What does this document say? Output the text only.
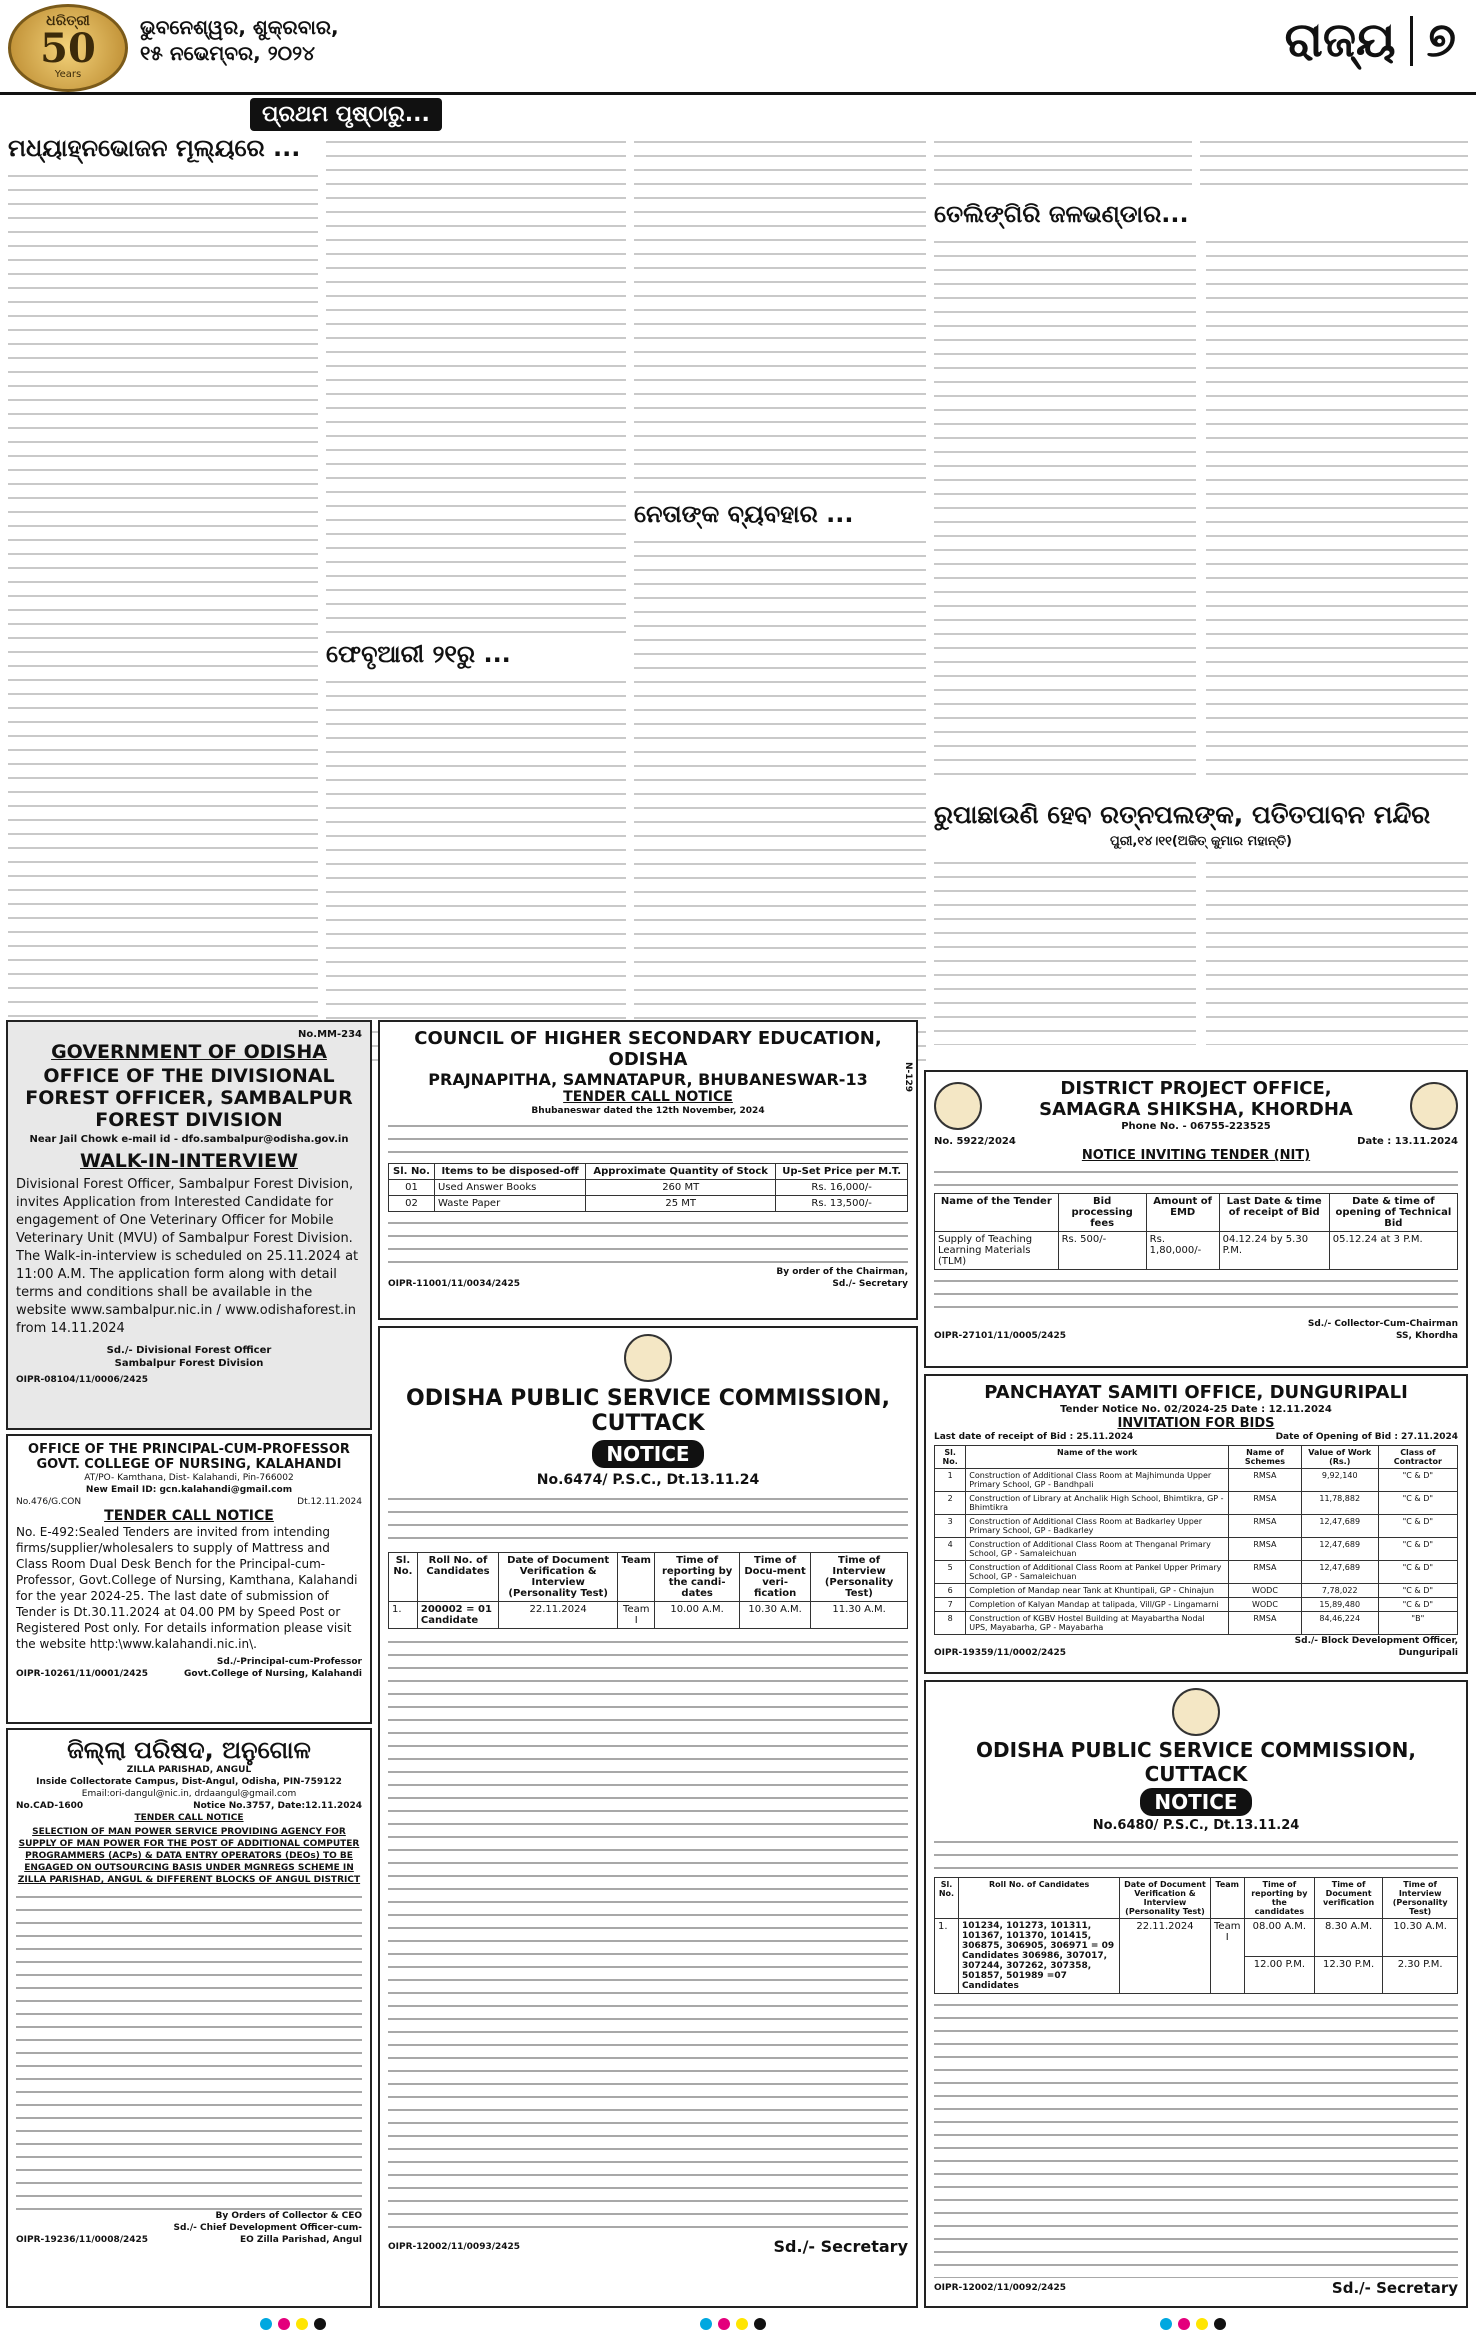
ଧରିତ୍ରୀ
50
Years
ଭୁବନେଶ୍ୱର, ଶୁକ୍ରବାର,
୧୫ ନଭେମ୍ବର, ୨୦୨୪	ରାଜ୍ୟ ୭
ପ୍ରଥମ ପୃଷ୍ଠାରୁ...
ମଧ୍ୟାହ୍ନଭୋଜନ ମୂଲ୍ୟରେ ...
ଫେବୃଆରୀ ୨୧ରୁ ...
ନେତାଙ୍କ ବ୍ୟବହାର ...
ତେଲିଙ୍ଗିରି ଜଳଭଣ୍ଡାର...
ରୁପାଛାଉଣି ହେବ ରତ୍ନପଲଙ୍କ, ପତିତପାବନ ମନ୍ଦିର
ପୁରୀ,୧୪।୧୧(ଅଜିତ୍ କୁମାର ମହାନ୍ତି)
No.MM-234
GOVERNMENT OF ODISHA
OFFICE OF THE DIVISIONAL FOREST OFFICER, SAMBALPUR FOREST DIVISION
Near Jail Chowk e-mail id - dfo.sambalpur@odisha.gov.in
WALK-IN-INTERVIEW
Divisional Forest Officer, Sambalpur Forest Division, invites Application from Interested Candidate for engagement of One Veterinary Officer for Mobile Veterinary Unit (MVU) of Sambalpur Forest Division. The Walk-in-interview is scheduled on 25.11.2024 at 11:00 A.M. The application form along with detail terms and conditions shall be available in the website www.sambalpur.nic.in / www.odishaforest.in from 14.11.2024
Sd./- Divisional Forest Officer
Sambalpur Forest Division
OIPR-08104/11/0006/2425
OFFICE OF THE PRINCIPAL-CUM-PROFESSOR
GOVT. COLLEGE OF NURSING, KALAHANDI
AT/PO- Kamthana, Dist- Kalahandi, Pin-766002
New Email ID: gcn.kalahandi@gmail.com
No.476/G.CON	Dt.12.11.2024
TENDER CALL NOTICE
No. E-492:Sealed Tenders are invited from intending firms/supplier/wholesalers to supply of Mattress and Class Room Dual Desk Bench for the Principal-cum-Professor, Govt.College of Nursing, Kamthana, Kalahandi for the year 2024-25. The last date of submission of Tender is Dt.30.11.2024 at 04.00 PM by Speed Post or Registered Post only. For details information please visit the website http:\www.kalahandi.nic.in\.
Sd./-Principal-cum-Professor
OIPR-10261/11/0001/2425	Govt.College of Nursing, Kalahandi
ଜିଲ୍ଲା ପରିଷଦ, ଅନୁଗୋଳ
ZILLA PARISHAD, ANGUL
Inside Collectorate Campus, Dist-Angul, Odisha, PIN-759122
Email:ori-dangul@nic.in, drdaangul@gmail.com
No.CAD-1600	Notice No.3757, Date:12.11.2024
TENDER CALL NOTICE
SELECTION OF MAN POWER SERVICE PROVIDING AGENCY FOR SUPPLY OF MAN POWER FOR THE POST OF ADDITIONAL COMPUTER PROGRAMMERS (ACPs) & DATA ENTRY OPERATORS (DEOs) TO BE ENGAGED ON OUTSOURCING BASIS UNDER MGNREGS SCHEME IN ZILLA PARISHAD, ANGUL & DIFFERENT BLOCKS OF ANGUL DISTRICT
By Orders of Collector & CEO
Sd./- Chief Development Officer-cum-
OIPR-19236/11/0008/2425	EO Zilla Parishad, Angul
COUNCIL OF HIGHER SECONDARY EDUCATION, ODISHA
PRAJNAPITHA, SAMNATAPUR, BHUBANESWAR-13
TENDER CALL NOTICE
Bhubaneswar dated the 12th November, 2024
Sl. No.	Items to be disposed-off	Approximate Quantity of Stock	Up-Set Price per M.T.
01	Used Answer Books	260 MT	Rs. 16,000/-
02	Waste Paper	25 MT	Rs. 13,500/-
By order of the Chairman,
OIPR-11001/11/0034/2425	Sd./- Secretary
N-129
ODISHA PUBLIC SERVICE COMMISSION, CUTTACK
NOTICE
No.6474/ P.S.C., Dt.13.11.24
Sl. No.	Roll No. of Candidates	Date of Document Verification & Interview (Personality Test)	Team	Time of reporting by the candi-dates	Time of Docu-ment veri-fication	Time of Interview (Personality Test)
1.	200002 = 01 Candidate	22.11.2024	Team I	10.00 A.M.	10.30 A.M.	11.30 A.M.
OIPR-12002/11/0093/2425	Sd./- Secretary
DISTRICT PROJECT OFFICE,
SAMAGRA SHIKSHA, KHORDHA
Phone No. - 06755-223525
No. 5922/2024	Date : 13.11.2024
NOTICE INVITING TENDER (NIT)
Name of the Tender	Bid processing fees	Amount of EMD	Last Date & time of receipt of Bid	Date & time of opening of Technical Bid
Supply of Teaching Learning Materials (TLM)	Rs. 500/-	Rs. 1,80,000/-	04.12.24 by 5.30 P.M.	05.12.24 at 3 P.M.
Sd./- Collector-Cum-Chairman
OIPR-27101/11/0005/2425	SS, Khordha
PANCHAYAT SAMITI OFFICE, DUNGURIPALI
Tender Notice No. 02/2024-25 Date : 12.11.2024
INVITATION FOR BIDS
Last date of receipt of Bid : 25.11.2024	Date of Opening of Bid : 27.11.2024
Sl. No.	Name of the work	Name of Schemes	Value of Work (Rs.)	Class of Contractor
1	Construction of Additional Class Room at Majhimunda Upper Primary School, GP - Bandhpali	RMSA	9,92,140	"C & D"
2	Construction of Library at Anchalik High School, Bhimtikra, GP - Bhimtikra	RMSA	11,78,882	"C & D"
3	Construction of Additional Class Room at Badkarley Upper Primary School, GP - Badkarley	RMSA	12,47,689	"C & D"
4	Construction of Additional Class Room at Thenganal Primary School, GP - Samaleichuan	RMSA	12,47,689	"C & D"
5	Construction of Additional Class Room at Pankel Upper Primary School, GP - Samaleichuan	RMSA	12,47,689	"C & D"
6	Completion of Mandap near Tank at Khuntipali, GP - Chinajun	WODC	7,78,022	"C & D"
7	Completion of Kalyan Mandap at talipada, Vill/GP - Lingamarni	WODC	15,89,480	"C & D"
8	Construction of KGBV Hostel Building at Mayabartha Nodal UPS, Mayabarha, GP - Mayabarha	RMSA	84,46,224	"B"
Sd./- Block Development Officer,
OIPR-19359/11/0002/2425	Dunguripali
ODISHA PUBLIC SERVICE COMMISSION, CUTTACK
NOTICE
No.6480/ P.S.C., Dt.13.11.24
Sl. No.	Roll No. of Candidates	Date of Document Verification & Interview (Personality Test)	Team	Time of reporting by the candidates	Time of Document verification	Time of Interview (Personality Test)
1.	101234, 101273, 101311, 101367, 101370, 101415, 306875, 306905, 306971 = 09 Candidates 306986, 307017, 307244, 307262, 307358, 501857, 501989 =07 Candidates	22.11.2024	Team I	08.00 A.M.	8.30 A.M.	10.30 A.M.
				12.00 P.M.	12.30 P.M.	2.30 P.M.
OIPR-12002/11/0092/2425	Sd./- Secretary
